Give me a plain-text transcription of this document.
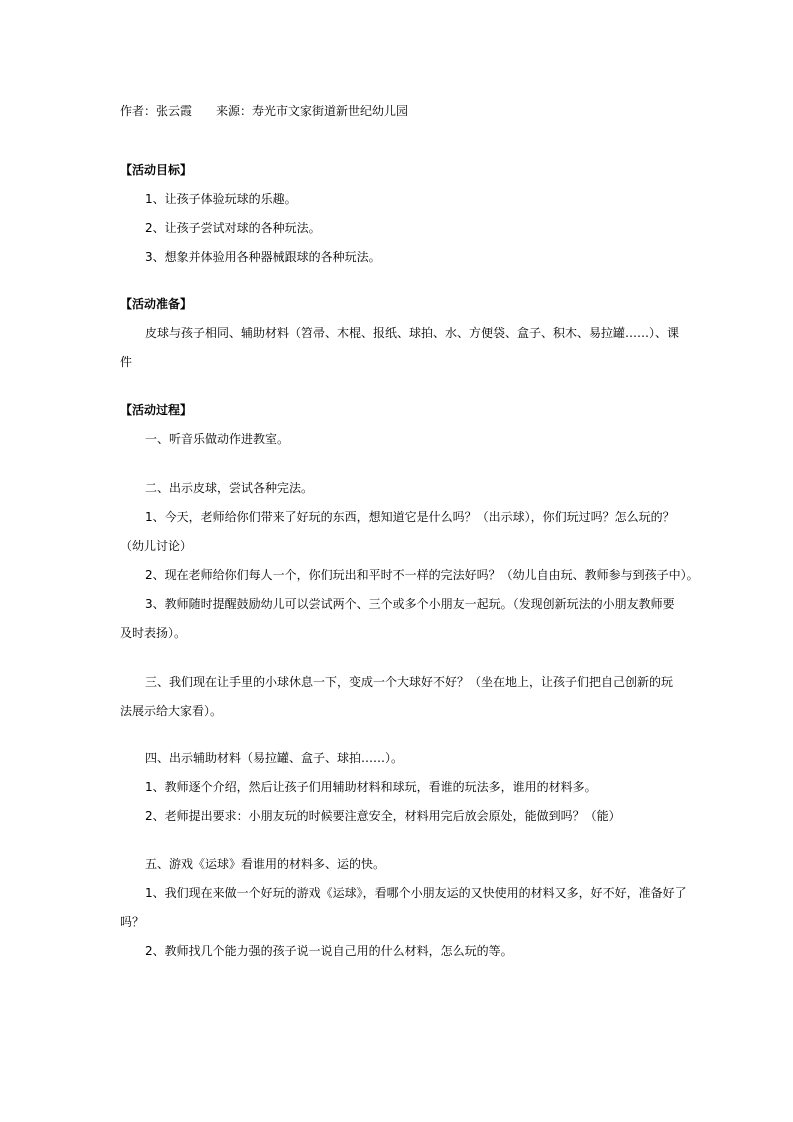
作者：张云霞 来源：寿光市文家街道新世纪幼儿园
【活动目标】
1、让孩子体验玩球的乐趣。
2、让孩子尝试对球的各种玩法。
3、想象并体验用各种器械跟球的各种玩法。
【活动准备】
皮球与孩子相同、辅助材料（笤帚、木棍、报纸、球拍、水、方便袋、盒子、积木、易拉罐……）、课
件
【活动过程】
一、听音乐做动作进教室。
二、出示皮球，尝试各种完法。
1、今天，老师给你们带来了好玩的东西，想知道它是什么吗？（出示球），你们玩过吗？怎么玩的？
（幼儿讨论）
2、现在老师给你们每人一个，你们玩出和平时不一样的完法好吗？（幼儿自由玩、教师参与到孩子中）。
3、教师随时提醒鼓励幼儿可以尝试两个、三个或多个小朋友一起玩。（发现创新玩法的小朋友教师要
及时表扬）。
三、我们现在让手里的小球休息一下，变成一个大球好不好？（坐在地上，让孩子们把自己创新的玩
法展示给大家看）。
四、出示辅助材料（易拉罐、盒子、球拍……）。
1、教师逐个介绍，然后让孩子们用辅助材料和球玩，看谁的玩法多，谁用的材料多。
2、老师提出要求：小朋友玩的时候要注意安全，材料用完后放会原处，能做到吗？（能）
五、游戏《运球》看谁用的材料多、运的快。
1、我们现在来做一个好玩的游戏《运球》，看哪个小朋友运的又快使用的材料又多，好不好，准备好了
吗？
2、教师找几个能力强的孩子说一说自己用的什么材料，怎么玩的等。
